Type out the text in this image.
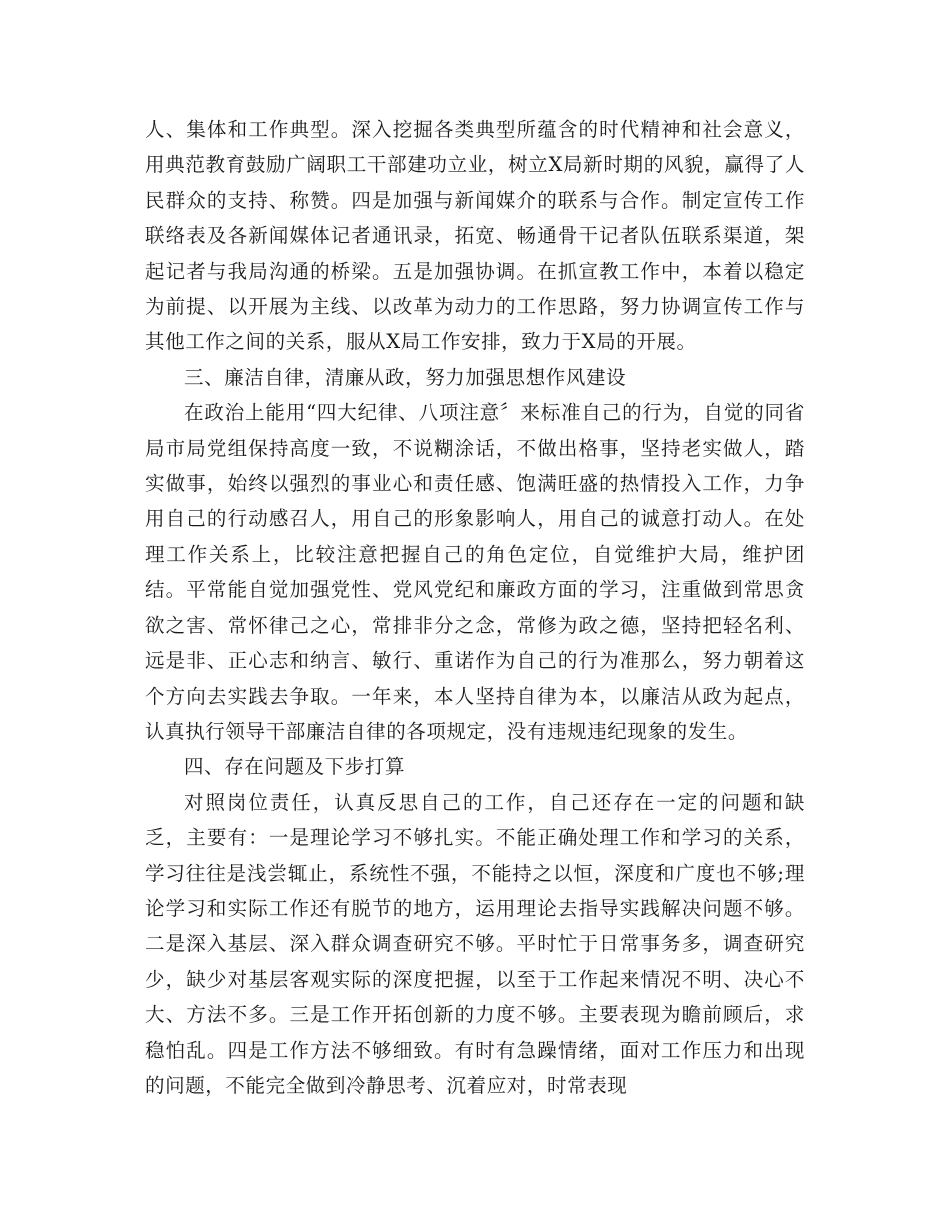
人、集体和工作典型。深入挖掘各类典型所蕴含的时代精神和社会意义，用典范教育鼓励广阔职工干部建功立业，树立X局新时期的风貌，赢得了人民群众的支持、称赞。四是加强与新闻媒介的联系与合作。制定宣传工作联络表及各新闻媒体记者通讯录，拓宽、畅通骨干记者队伍联系渠道，架起记者与我局沟通的桥梁。五是加强协调。在抓宣教工作中，本着以稳定为前提、以开展为主线、以改革为动力的工作思路，努力协调宣传工作与其他工作之间的关系，服从X局工作安排，致力于X局的开展。

三、廉洁自律，清廉从政，努力加强思想作风建设

在政治上能用“四大纪律、八项注意〞来标准自己的行为，自觉的同省局市局党组保持高度一致，不说糊涂话，不做出格事，坚持老实做人，踏实做事，始终以强烈的事业心和责任感、饱满旺盛的热情投入工作，力争用自己的行动感召人，用自己的形象影响人，用自己的诚意打动人。在处理工作关系上，比较注意把握自己的角色定位，自觉维护大局，维护团结。平常能自觉加强党性、党风党纪和廉政方面的学习，注重做到常思贪欲之害、常怀律己之心，常排非分之念，常修为政之德，坚持把轻名利、远是非、正心志和纳言、敏行、重诺作为自己的行为准那么，努力朝着这个方向去实践去争取。一年来，本人坚持自律为本，以廉洁从政为起点，认真执行领导干部廉洁自律的各项规定，没有违规违纪现象的发生。

四、存在问题及下步打算

对照岗位责任，认真反思自己的工作，自己还存在一定的问题和缺乏，主要有：一是理论学习不够扎实。不能正确处理工作和学习的关系，学习往往是浅尝辄止，系统性不强，不能持之以恒，深度和广度也不够;理论学习和实际工作还有脱节的地方，运用理论去指导实践解决问题不够。二是深入基层、深入群众调查研究不够。平时忙于日常事务多，调查研究少，缺少对基层客观实际的深度把握，以至于工作起来情况不明、决心不大、方法不多。三是工作开拓创新的力度不够。主要表现为瞻前顾后，求稳怕乱。四是工作方法不够细致。有时有急躁情绪，面对工作压力和出现的问题，不能完全做到冷静思考、沉着应对，时常表现
